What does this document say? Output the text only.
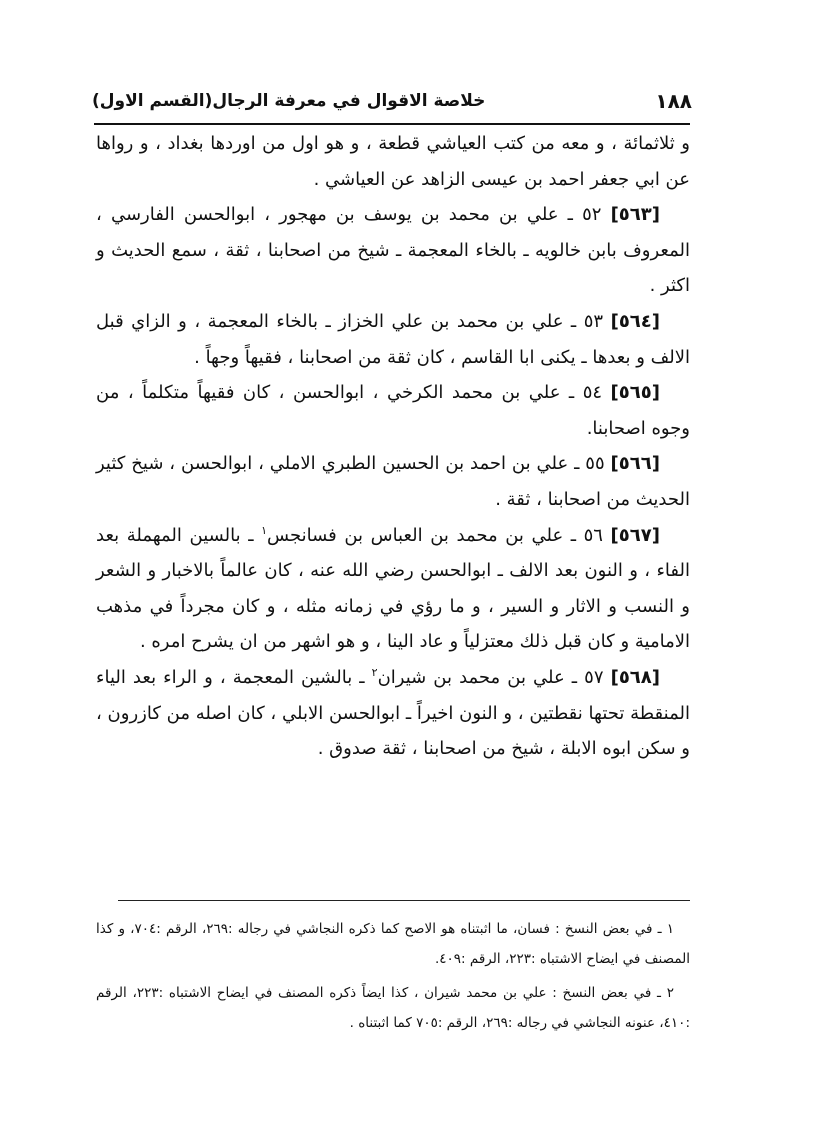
١٨٨
خلاصة الاقوال في معرفة الرجال(القسم الاول)

و ثلاثمائة ، و معه من كتب العياشي قطعة ، و هو اول من اوردها بغداد ، و رواها عن ابي جعفر احمد بن عيسى الزاهد عن العياشي .

[٥٦٣] ٥٢ ـ علي بن محمد بن يوسف بن مهجور ، ابوالحسن الفارسي ، المعروف بابن خالويه ـ بالخاء المعجمة ـ شيخ من اصحابنا ، ثقة ، سمع الحديث و اكثر .

[٥٦٤] ٥٣ ـ علي بن محمد بن علي الخزاز ـ بالخاء المعجمة ، و الزاي قبل الالف و بعدها ـ يكنى ابا القاسم ، كان ثقة من اصحابنا ، فقيهاً وجهاً .

[٥٦٥] ٥٤ ـ علي بن محمد الكرخي ، ابوالحسن ، كان فقيهاً متكلماً ، من وجوه اصحابنا.

[٥٦٦] ٥٥ ـ علي بن احمد بن الحسين الطبري الاملي ، ابوالحسن ، شيخ كثير الحديث من اصحابنا ، ثقة .

[٥٦٧] ٥٦ ـ علي بن محمد بن العباس بن فسانجس$^١$ ـ بالسين المهملة بعد الفاء ، و النون بعد الالف ـ ابوالحسن رضي الله عنه ، كان عالماً بالاخبار و الشعر و النسب و الاثار و السير ، و ما رؤي في زمانه مثله ، و كان مجرداً في مذهب الامامية و كان قبل ذلك معتزلياً و عاد الينا ، و هو اشهر من ان يشرح امره .

[٥٦٨] ٥٧ ـ علي بن محمد بن شيران$^٢$ ـ بالشين المعجمة ، و الراء بعد الياء المنقطة تحتها نقطتين ، و النون اخيراً ـ ابوالحسن الابلي ، كان اصله من كازرون ، و سكن ابوه الابلة ، شيخ من اصحابنا ، ثقة صدوق .

١ ـ في بعض النسخ : فسان، ما اثبتناه هو الاصح كما ذكره النجاشي في رجاله :٢٦٩، الرقم :٧٠٤، و كذا المصنف في ايضاح الاشتباه :٢٢٣، الرقم :٤٠٩.

٢ ـ في بعض النسخ : علي بن محمد شيران ، كذا ايضاً ذكره المصنف في ايضاح الاشتباه :٢٢٣، الرقم :٤١٠، عنونه النجاشي في رجاله :٢٦٩، الرقم :٧٠٥ كما اثبتناه .
